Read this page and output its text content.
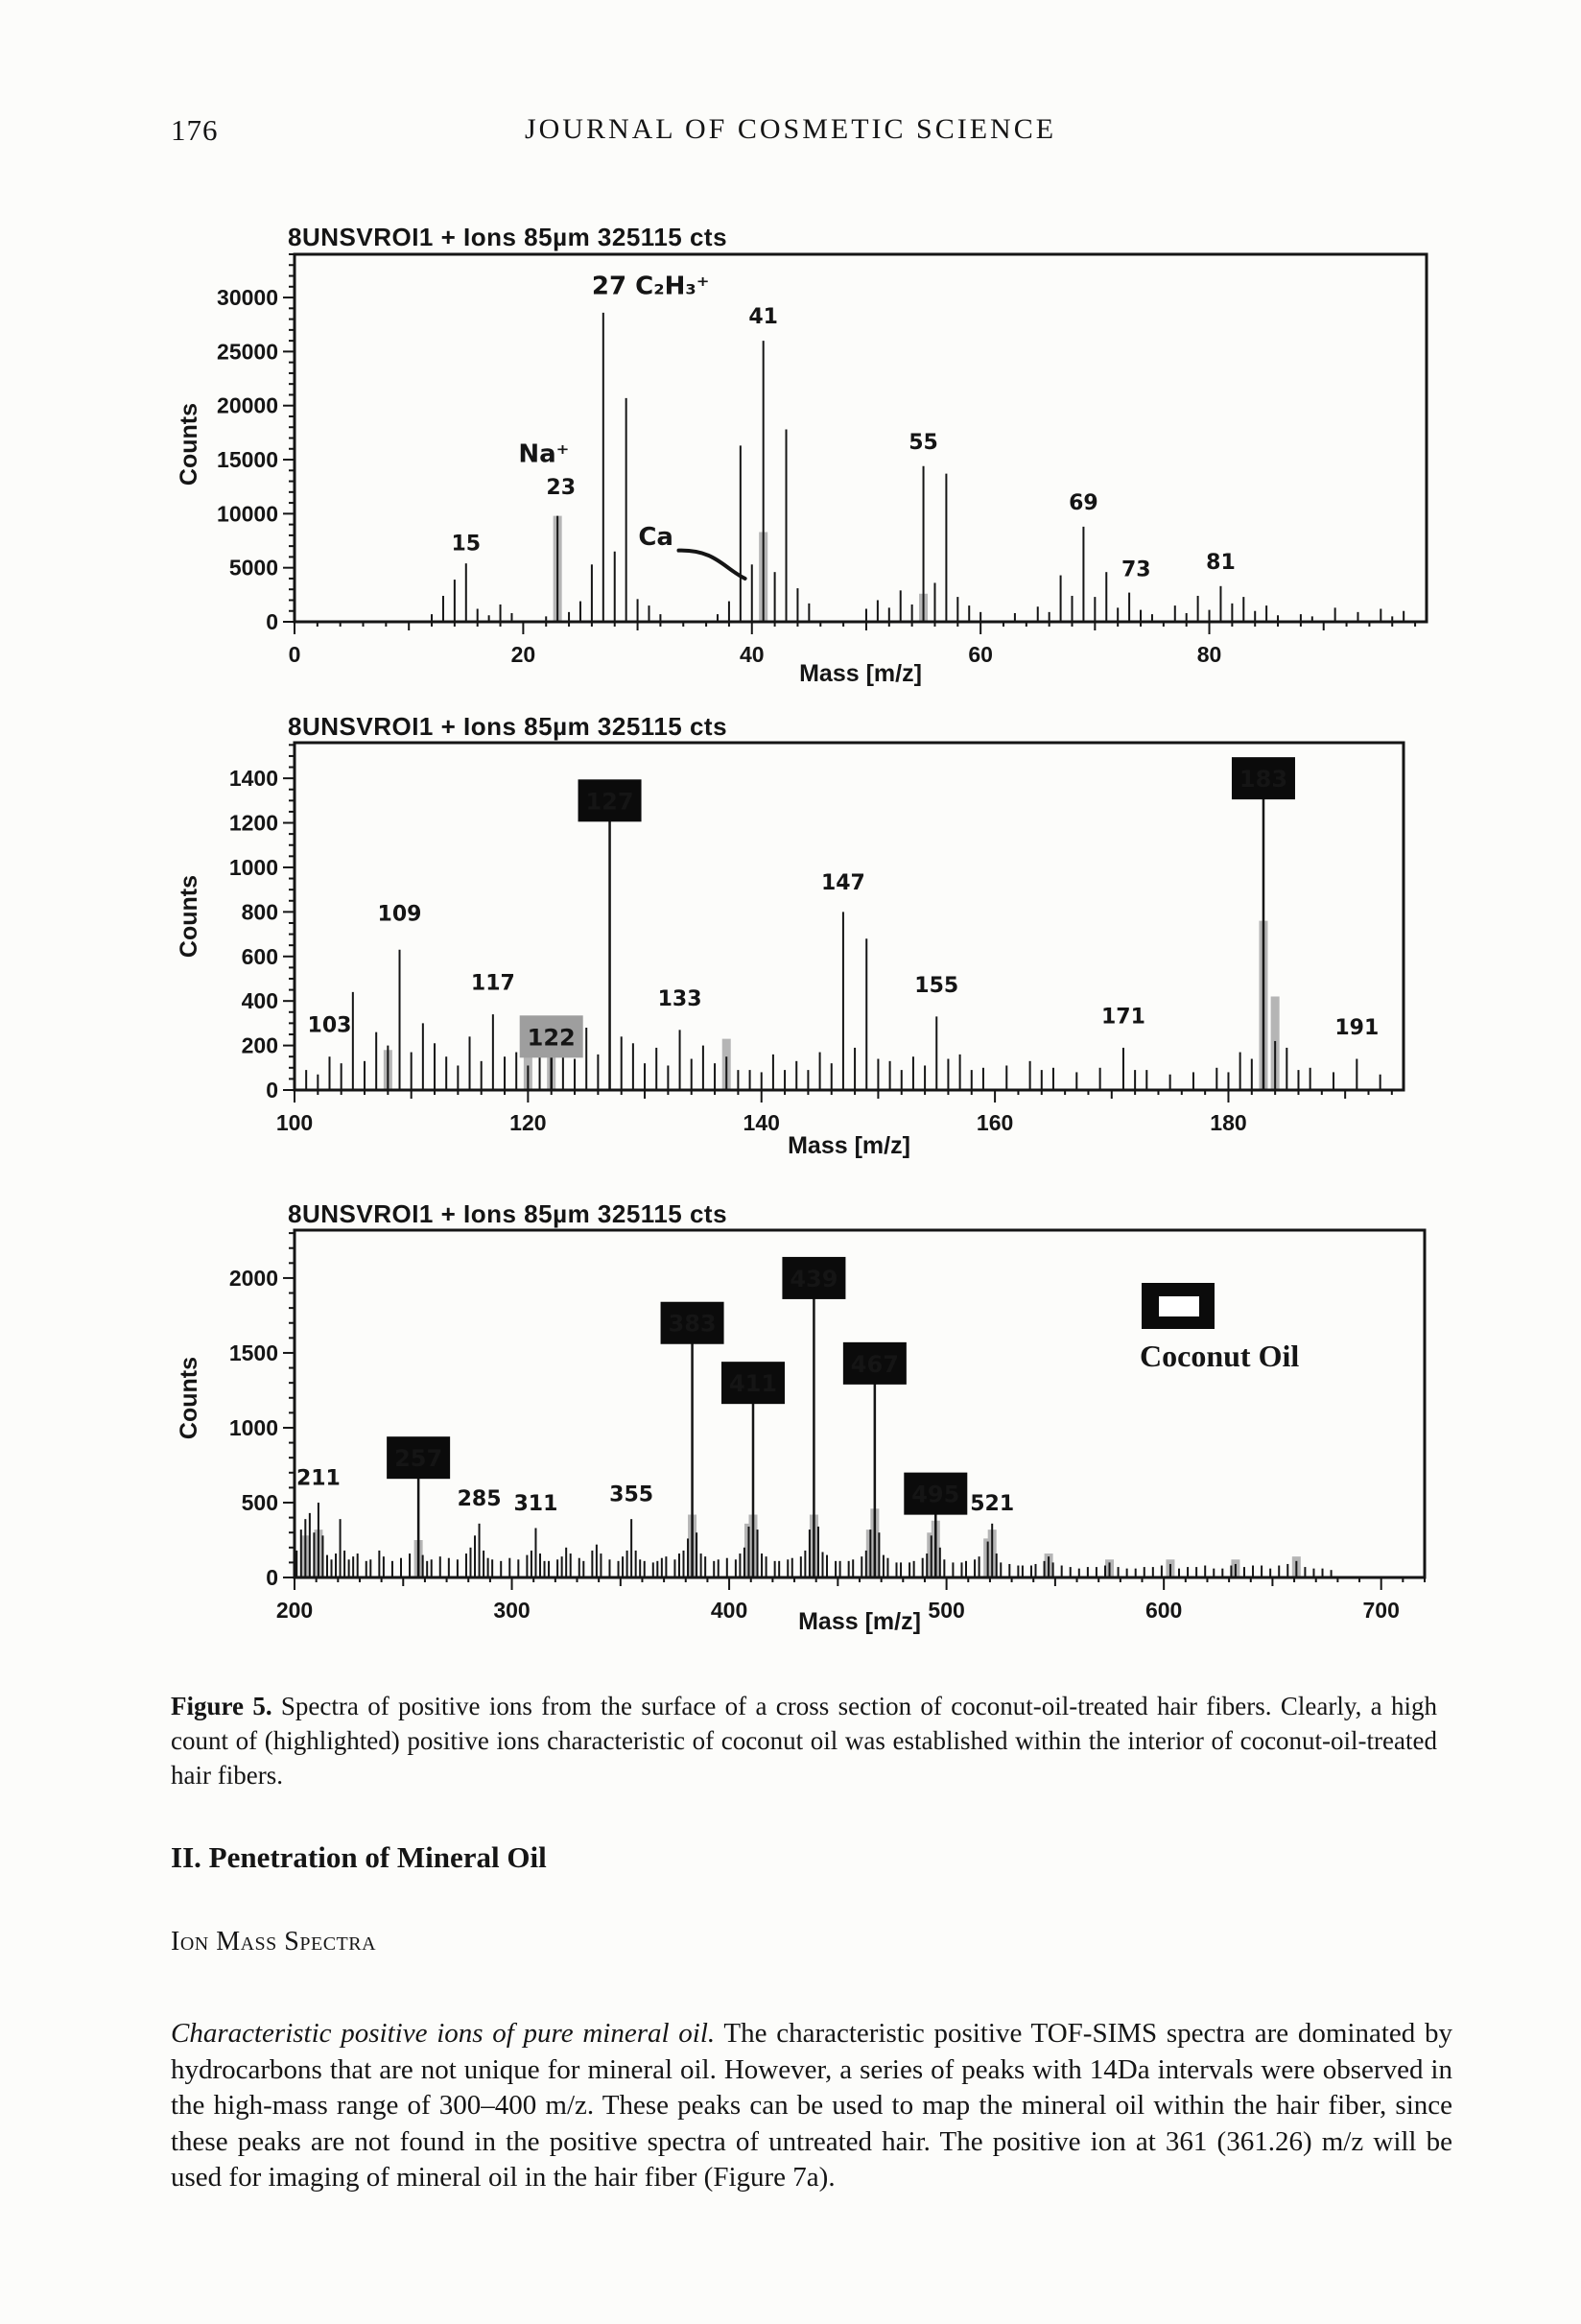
176	JOURNAL OF COSMETIC SCIENCE
8UNSVROI1 + Ions 85µm 325115 cts
Counts
Mass [m/z]
0	20	40	60	80
0
5000
10000
15000
20000
25000
30000
15
Na⁺
23
27 C₂H₃⁺
41
55
69
73	81
Ca
8UNSVROI1 + Ions 85µm 325115 cts
Counts
Mass [m/z]
100	120	140	160	180
0
200
400
600
800
1000
1200
1400
103
109
117
122
127
133
147
155
171
183
191
8UNSVROI1 + Ions 85µm 325115 cts
Counts
Mass [m/z]
Coconut Oil
200	300	400	500	600	700
0
500
1000
1500
2000
211
257
285 311 355
383
411
439
467
495 521

Figure 5. Spectra of positive ions from the surface of a cross section of coconut-oil-treated hair fibers. Clearly, a high count of (highlighted) positive ions characteristic of coconut oil was established within the interior of coconut-oil-treated hair fibers.

II. Penetration of Mineral Oil
Ion Mass Spectra

Characteristic positive ions of pure mineral oil. The characteristic positive TOF-SIMS spectra are dominated by hydrocarbons that are not unique for mineral oil. However, a series of peaks with 14Da intervals were observed in the high-mass range of 300–400 m/z. These peaks can be used to map the mineral oil within the hair fiber, since these peaks are not found in the positive spectra of untreated hair. The positive ion at 361 (361.26) m/z will be used for imaging of mineral oil in the hair fiber (Figure 7a).
